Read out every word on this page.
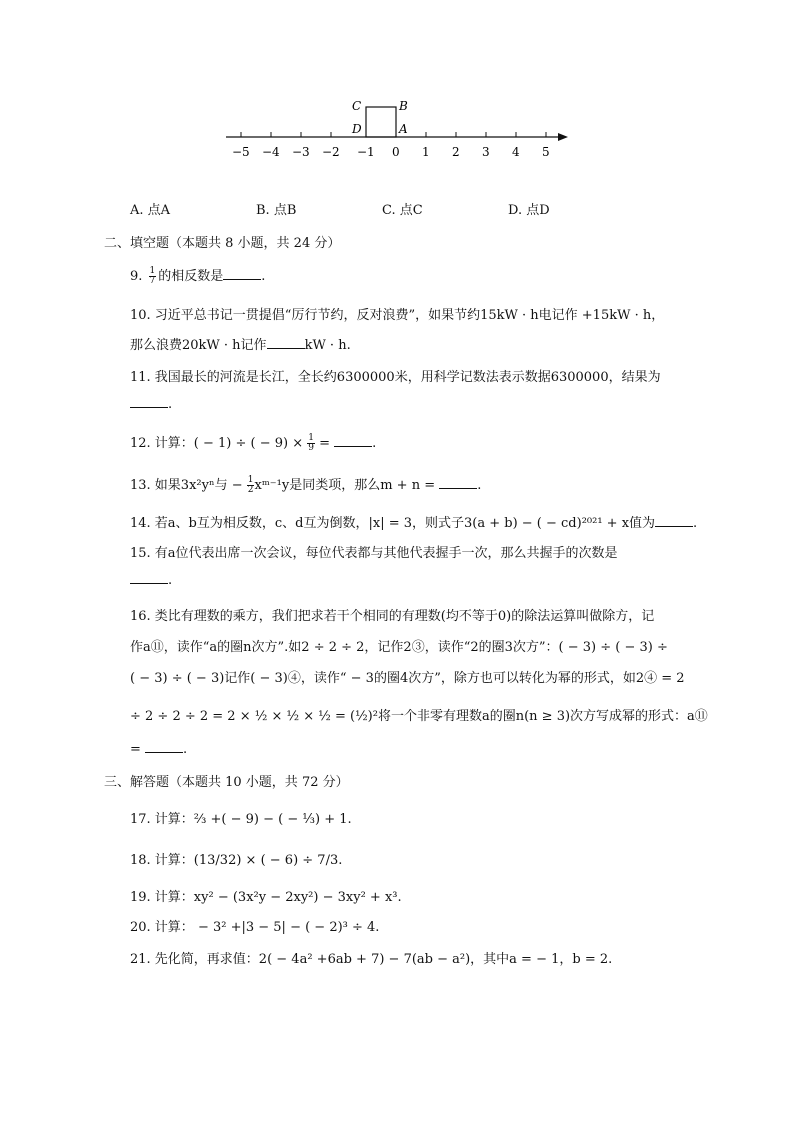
C	B
D	A
−5 −4 −3 −2 −1 0 1 2 3 4 5
A. 点A	B. 点B	C. 点C	D. 点D
二、填空题（本题共 8 小题，共 24 分）
9. $\frac{1}{7}$ 的相反数是	.
10. 习近平总书记一贯提倡“厉行节约，反对浪费”，如果节约15kW · h电记作 +15kW · h，
那么浪费20kW · h记作	kW · h.
11. 我国最长的河流是长江，全长约6300000米，用科学记数法表示数据6300000，结果为
.
12. 计算：( − 1) ÷ ( − $9) \times \frac{1}{9}$ =	.
13. 如果3x²yⁿ与 − $\frac{1}{2}$ xᵐ⁻¹y是同类项，那么m + n =	.
14. 若a、b互为相反数，c、d互为倒数，|x| = 3，则式子3(a + b) − ( − cd)²⁰²¹ + x值为	.
15. 有a位代表出席一次会议，每位代表都与其他代表握手一次，那么共握手的次数是
.
16. 类比有理数的乘方，我们把求若干个相同的有理数(均不等于0)的除法运算叫做除方，记
作a⑪，读作“a的圈n次方”.如2 ÷ 2 ÷ 2，记作2③，读作“2的圈3次方”：( − 3) ÷ ( − 3) ÷
( − 3) ÷ ( − 3)记作( − 3)④，读作“ − 3的圈4次方”，除方也可以转化为幂的形式，如2④ = 2
÷ 2 ÷ 2 ÷ 2 = 2 × ½ × ½ × ½ = (½)²将一个非零有理数a的圈n(n ≥ 3)次方写成幂的形式：a⑪
=	.
三、解答题（本题共 10 小题，共 72 分）
17. 计算：⅔ +( − 9) − ( − ⅓) + 1.
18. 计算：(13/32) × ( − 6) ÷ 7/3.
19. 计算：xy² − (3x²y − 2xy²) − 3xy² + x³.
20. 计算： − 3² +|3 − 5| − ( − 2)³ ÷ 4.
21. 先化简，再求值：2( − 4a² +6ab + 7) − 7(ab − a²)，其中a = − 1，b = 2.
